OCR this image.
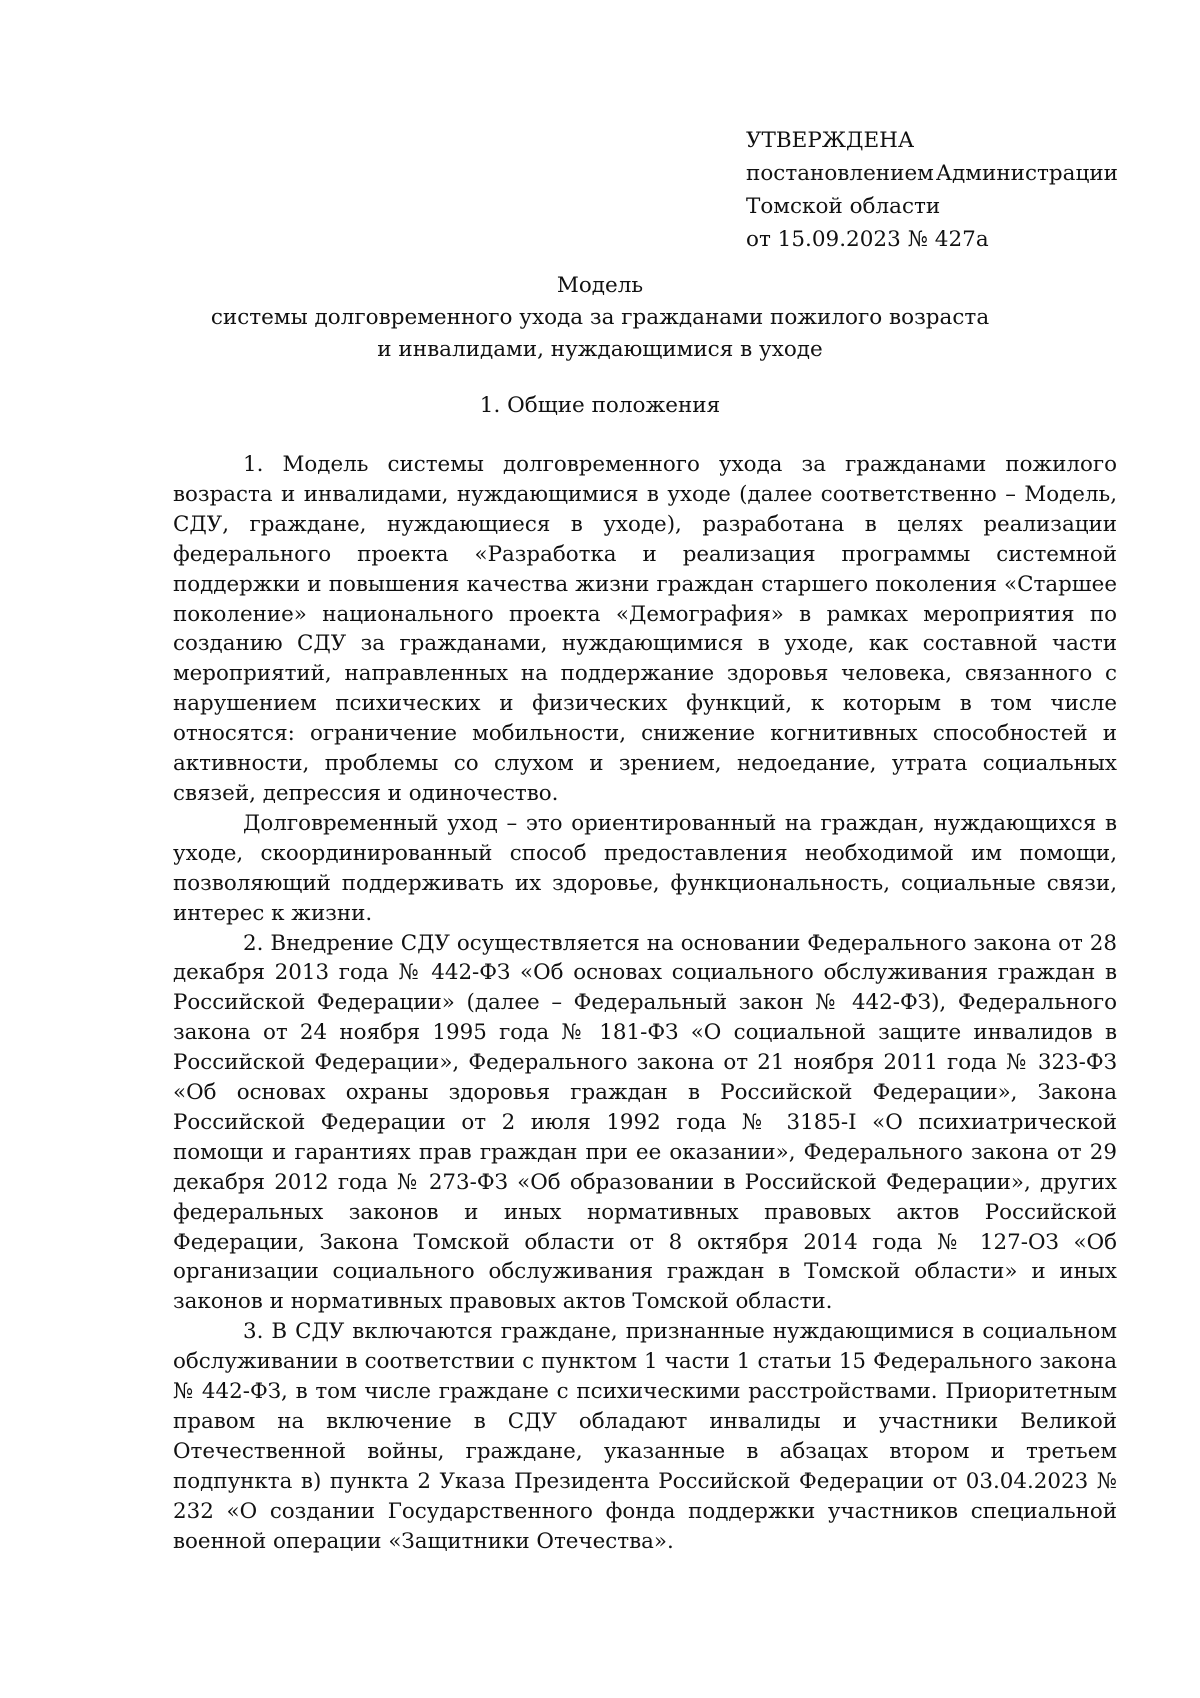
УТВЕРЖДЕНА
постановлением Администрации
Томской области
от 15.09.2023 № 427а
Модель
системы долговременного ухода за гражданами пожилого возраста
и инвалидами, нуждающимися в уходе
1. Общие положения

1. Модель системы долговременного ухода за гражданами пожилого возраста и инвалидами, нуждающимися в уходе (далее соответственно – Модель, СДУ, граждане, нуждающиеся в уходе), разработана в целях реализации федерального проекта «Разработка и реализация программы системной поддержки и повышения качества жизни граждан старшего поколения «Старшее поколение» национального проекта «Демография» в рамках мероприятия по созданию СДУ за гражданами, нуждающимися в уходе, как составной части мероприятий, направленных на поддержание здоровья человека, связанного с нарушением психических и физических функций, к которым в том числе относятся: ограничение мобильности, снижение когнитивных способностей и активности, проблемы со слухом и зрением, недоедание, утрата социальных связей, депрессия и одиночество.

Долговременный уход – это ориентированный на граждан, нуждающихся в уходе, скоординированный способ предоставления необходимой им помощи, позволяющий поддерживать их здоровье, функциональность, социальные связи, интерес к жизни.

2. Внедрение СДУ осуществляется на основании Федерального закона от 28 декабря 2013 года № 442-ФЗ «Об основах социального обслуживания граждан в Российской Федерации» (далее – Федеральный закон № 442-ФЗ), Федерального закона от 24 ноября 1995 года № 181-ФЗ «О социальной защите инвалидов в Российской Федерации», Федерального закона от 21 ноября 2011 года № 323-ФЗ «Об основах охраны здоровья граждан в Российской Федерации», Закона Российской Федерации от 2 июля 1992 года № 3185-I «О психиатрической помощи и гарантиях прав граждан при ее оказании», Федерального закона от 29 декабря 2012 года № 273-ФЗ «Об образовании в Российской Федерации», других федеральных законов и иных нормативных правовых актов Российской Федерации, Закона Томской области от 8 октября 2014 года № 127-ОЗ «Об организации социального обслуживания граждан в Томской области» и иных законов и нормативных правовых актов Томской области.

3. В СДУ включаются граждане, признанные нуждающимися в социальном обслуживании в соответствии с пунктом 1 части 1 статьи 15 Федерального закона № 442-ФЗ, в том числе граждане с психическими расстройствами. Приоритетным правом на включение в СДУ обладают инвалиды и участники Великой Отечественной войны, граждане, указанные в абзацах втором и третьем подпункта в) пункта 2 Указа Президента Российской Федерации от 03.04.2023 № 232 «О создании Государственного фонда поддержки участников специальной военной операции «Защитники Отечества».
